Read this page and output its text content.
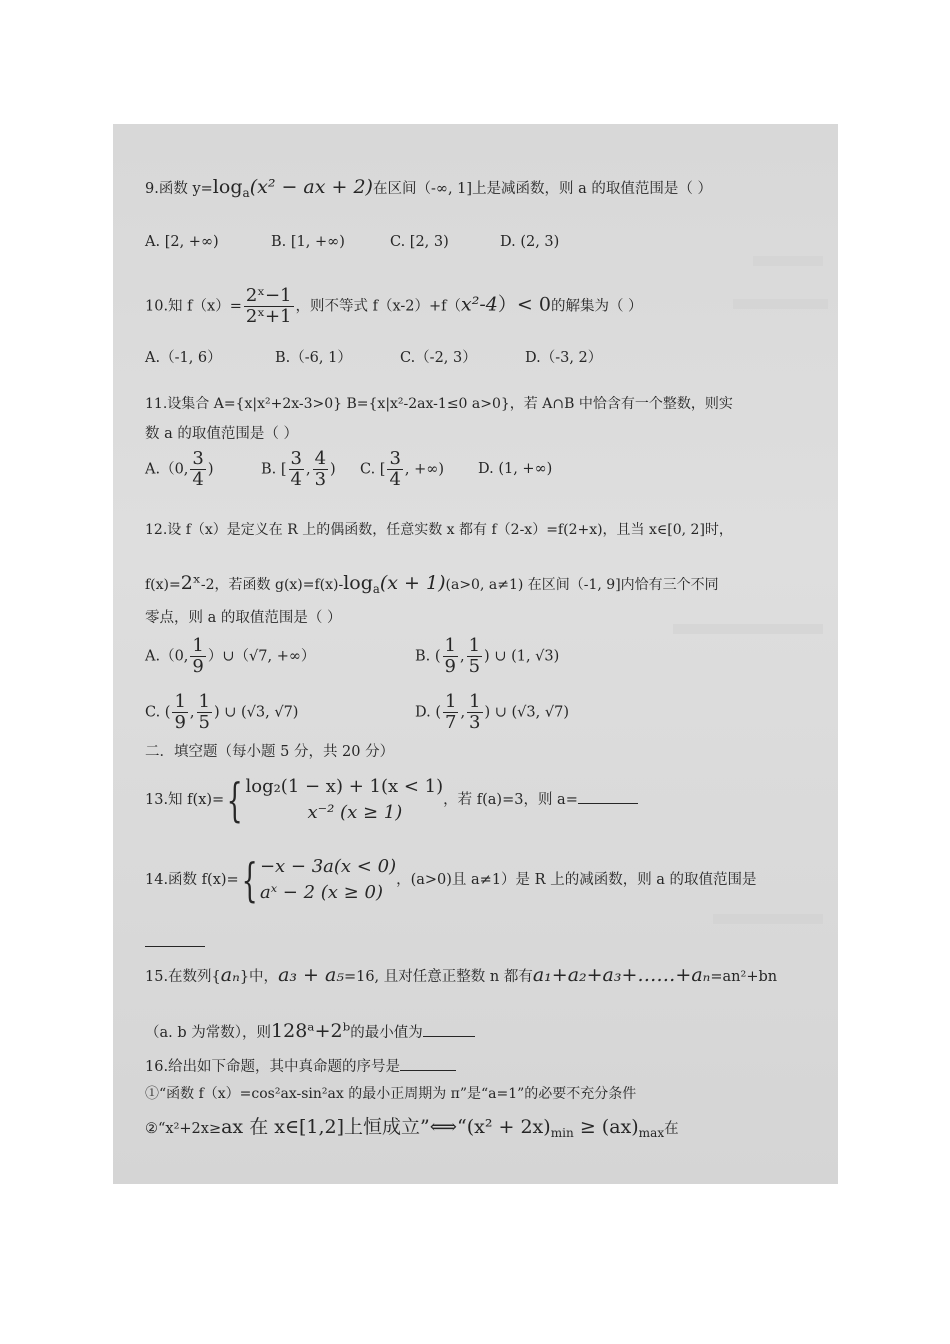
9.函数 $y=\log_a(x^2$ − ax + 2)在区间（-∞, 1]上是减函数，则 a 的取值范围是（ ）
A. [2, +∞)	B. [1, +∞)	C. [2, 3)	D. (2, 3)
10.知 $f(x)= \frac{\text{2ˣ−1}}{\text{2ˣ+1}}$ ，则不等式 f（x-2）+f（x²-4）< 0的解集为（ ）
A.（-1, 6）	B.（-6, 1）	C.（-2, 3）	D.（-3, 2）
11.设集合 A={x|x²+2x-3>0} B={x|x²-2ax-1≤0 a>0}，若 A∩B 中恰含有一个整数，则实
数 a 的取值范围是（ ）
A.（0, $\frac{3}{4}$ )	B. [ $\frac{3}{4}$ , $\frac{4}{3}$ ) C. [ $\frac{3}{4}$ , +∞) D. (1, +∞)
12.设 f（x）是定义在 R 上的偶函数，任意实数 x 都有 f（2-x）=f(2+x)，且当 x∈[0, 2]时，
f(x)=2ˣ-2，若函数 $g(x)=f(x)-\log_a(x + 1)(a>0$, a≠1) 在区间（-1, 9]内恰有三个不同
零点，则 a 的取值范围是（ ）
A.（0, $\frac{1}{9}$ ）∪（√7, +∞）	B. ( $\frac{1}{9}$ , $\frac{1}{5}$ ) ∪ (1, √3)
C. ( $\frac{1}{9}$ , $\frac{1}{5}$ ) ∪ (√3, √7)	D. ( $\frac{1}{7}$ , $\frac{1}{3}$ ) ∪ (√3, √7)
二．填空题（每小题 5 分，共 20 分）
13.知 f(x)={ log₂(1 − x) + 1(x < 1)
x⁻² (x ≥ 1)
，若 f(a)=3，则 a=
14.函数 f(x)={ −x − 3a(x < 0)
aˣ − 2 (x ≥ 0)
，(a>0)且 a≠1）是 R 上的减函数，则 a 的取值范围是
15.在数列{aₙ}中，a₃ + a₅=16, 且对任意正整数 n 都有a₁+a₂+a₃+……+aₙ=an²+bn
（a. b 为常数），则128ᵃ+2ᵇ的最小值为
16.给出如下命题，其中真命题的序号是
①“函数 f（x）=cos²ax-sin²ax 的最小正周期为 π”是“a=1”的必要不充分条件
②“x²+2x≥ax 在 x∈[1,2]上恒成立”⟺“(x² + $2x)_{min} \ge (ax)_{max}$在
